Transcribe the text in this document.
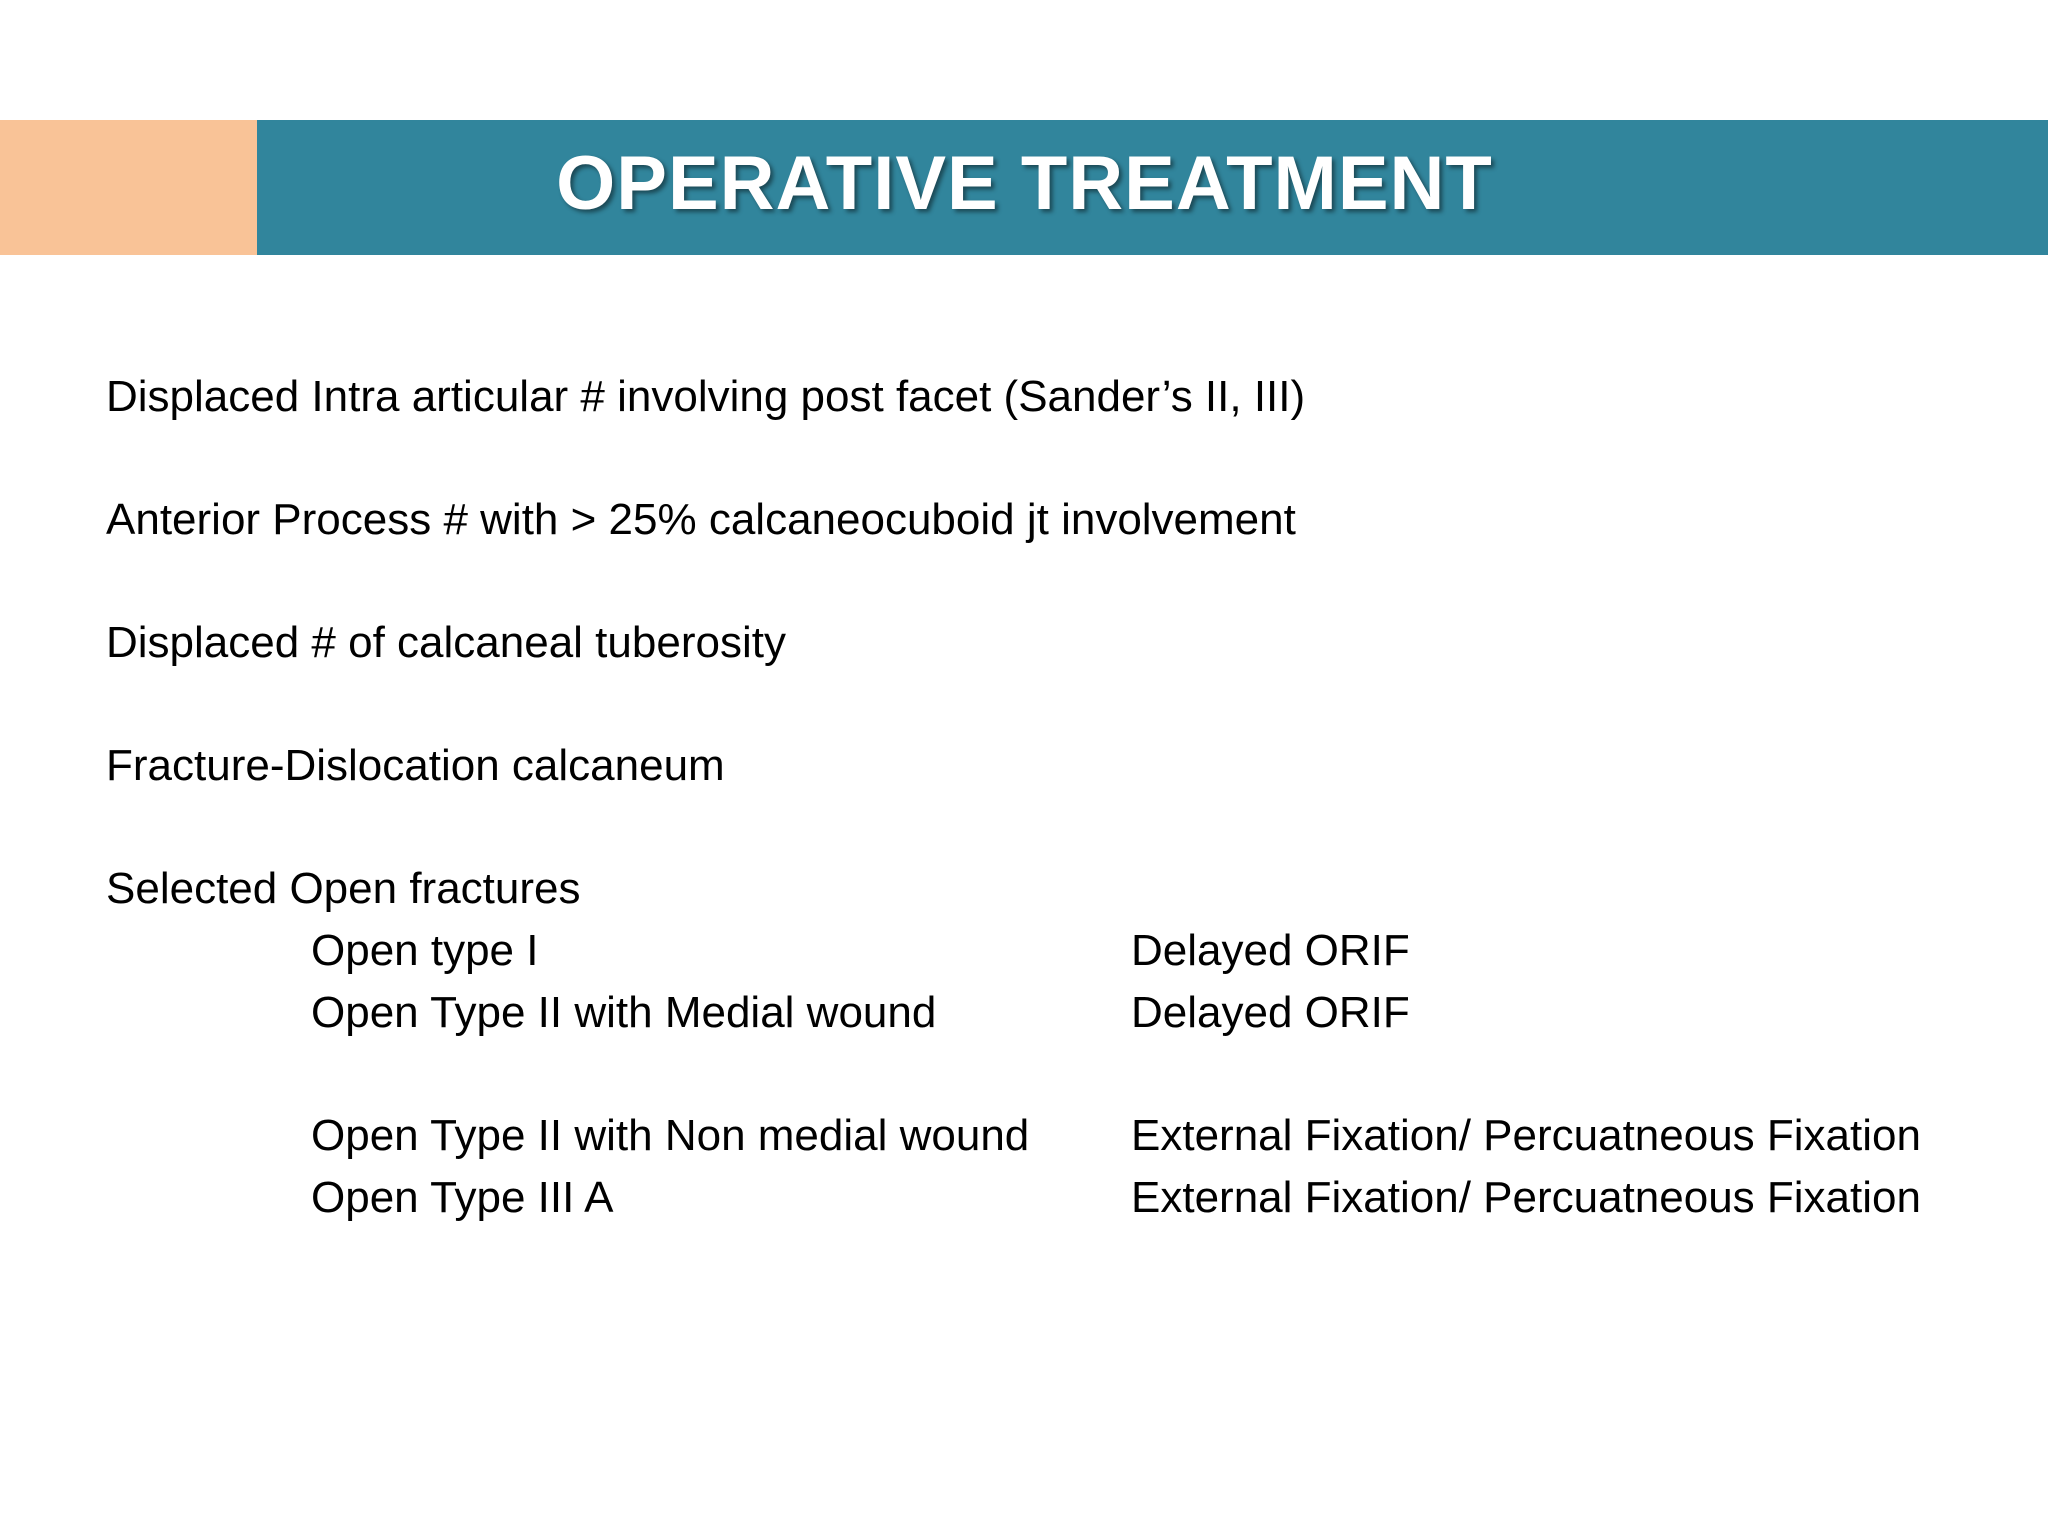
OPERATIVE TREATMENT
Displaced Intra articular # involving post facet (Sander’s II, III)
Anterior Process # with > 25% calcaneocuboid jt involvement
Displaced # of calcaneal tuberosity
Fracture-Dislocation calcaneum
Selected Open fractures
Open type I	Delayed ORIF
Open Type II with Medial wound	Delayed ORIF
Open Type II with Non medial wound	External Fixation/ Percuatneous Fixation
Open Type III A	External Fixation/ Percuatneous Fixation
